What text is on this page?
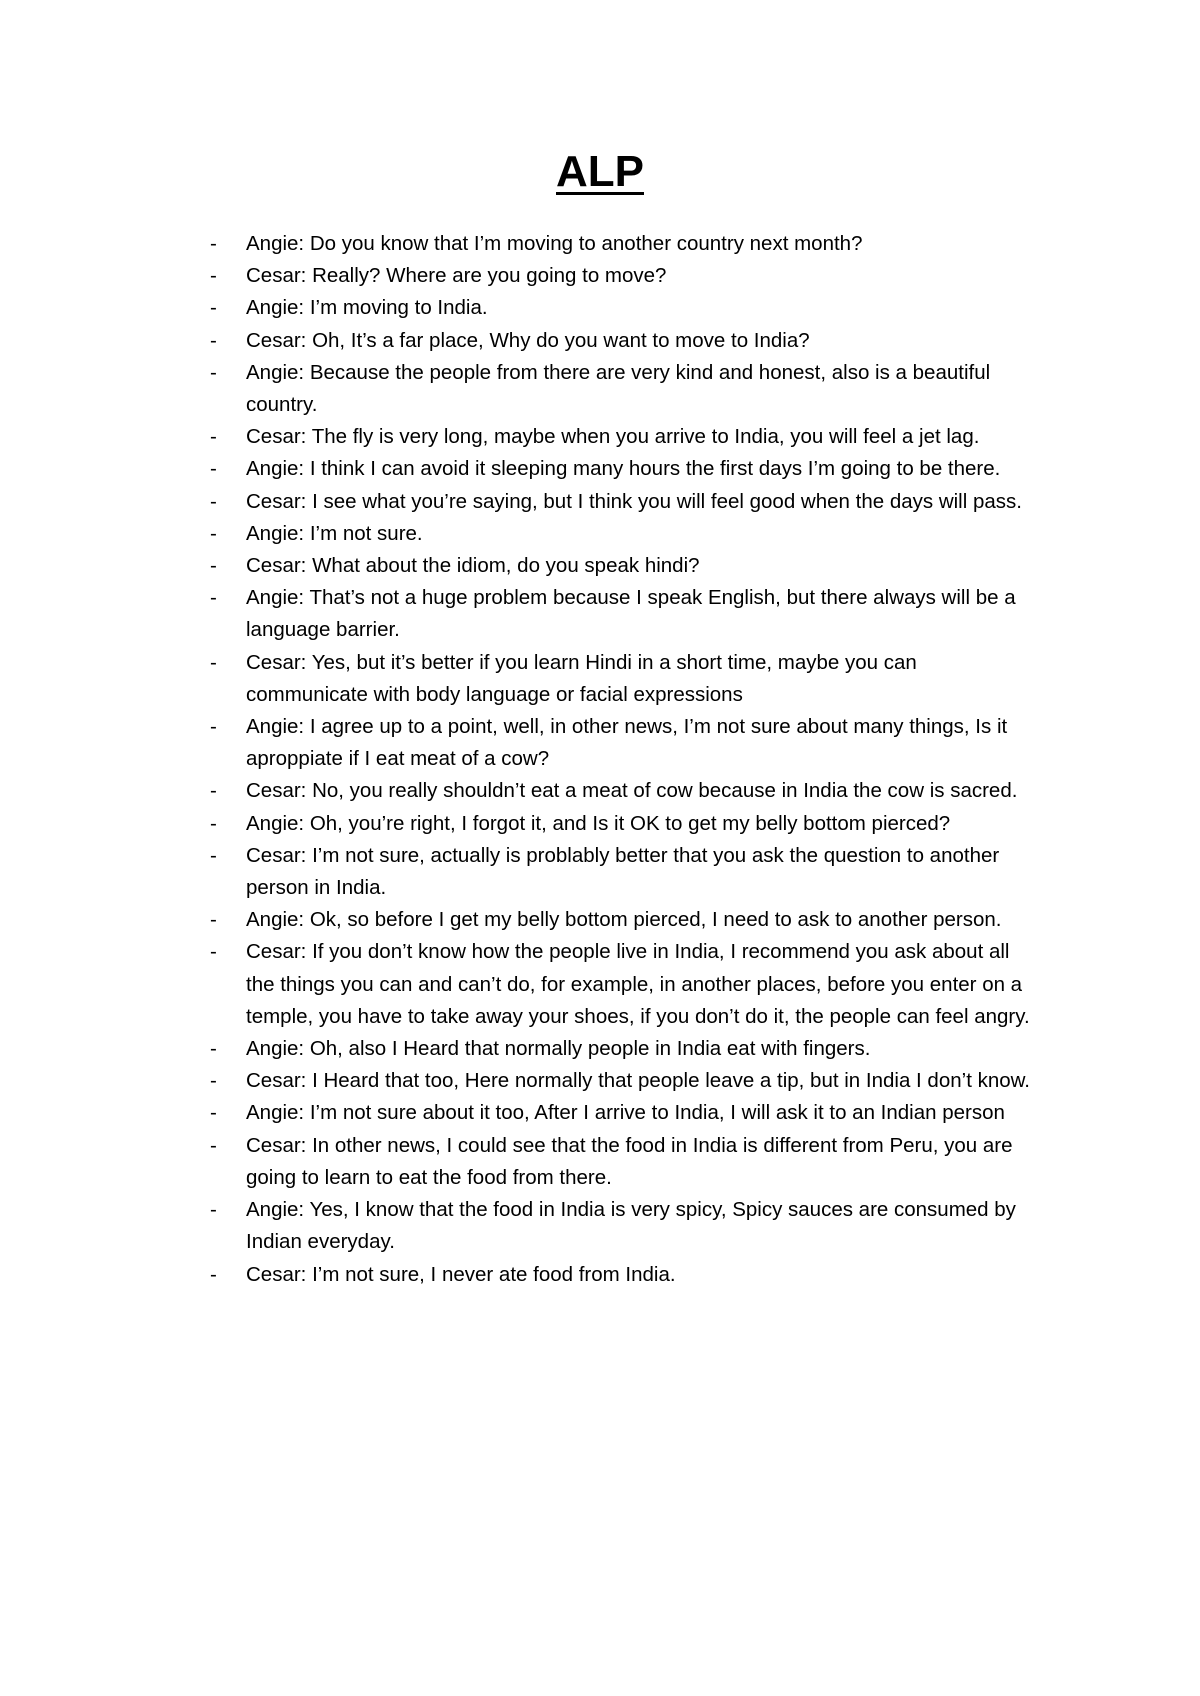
ALP
- Angie: Do you know that I’m moving to another country next month?
- Cesar: Really? Where are you going to move?
- Angie: I’m moving to India.
- Cesar: Oh, It’s a far place, Why do you want to move to India?
- Angie: Because the people from there are very kind and honest, also is a beautiful country.
- Cesar: The fly is very long, maybe when you arrive to India, you will feel a jet lag.
- Angie: I think I can avoid it sleeping many hours the first days I’m going to be there.
- Cesar: I see what you’re saying, but I think you will feel good when the days will pass.
- Angie: I’m not sure.
- Cesar: What about the idiom, do you speak hindi?
- Angie: That’s not a huge problem because I speak English, but there always will be a language barrier.
- Cesar: Yes, but it’s better if you learn Hindi in a short time, maybe you can communicate with body language or facial expressions
- Angie: I agree up to a point, well, in other news, I’m not sure about many things, Is it aproppiate if I eat meat of a cow?
- Cesar: No, you really shouldn’t eat a meat of cow because in India the cow is sacred.
- Angie: Oh, you’re right, I forgot it, and Is it OK to get my belly bottom pierced?
- Cesar: I’m not sure, actually is problably better that you ask the question to another person in India.
- Angie: Ok, so before I get my belly bottom pierced, I need to ask to another person.
- Cesar: If you don’t know how the people live in India, I recommend you ask about all the things you can and can’t do, for example, in another places, before you enter on a temple, you have to take away your shoes, if you don’t do it, the people can feel angry.
- Angie: Oh, also I Heard that normally people in India eat with fingers.
- Cesar: I Heard that too, Here normally that people leave a tip, but in India I don’t know.
- Angie: I’m not sure about it too, After I arrive to India, I will ask it to an Indian person
- Cesar: In other news, I could see that the food in India is different from Peru, you are going to learn to eat the food from there.
- Angie: Yes, I know that the food in India is very spicy, Spicy sauces are consumed by Indian everyday.
- Cesar: I’m not sure, I never ate food from India.
